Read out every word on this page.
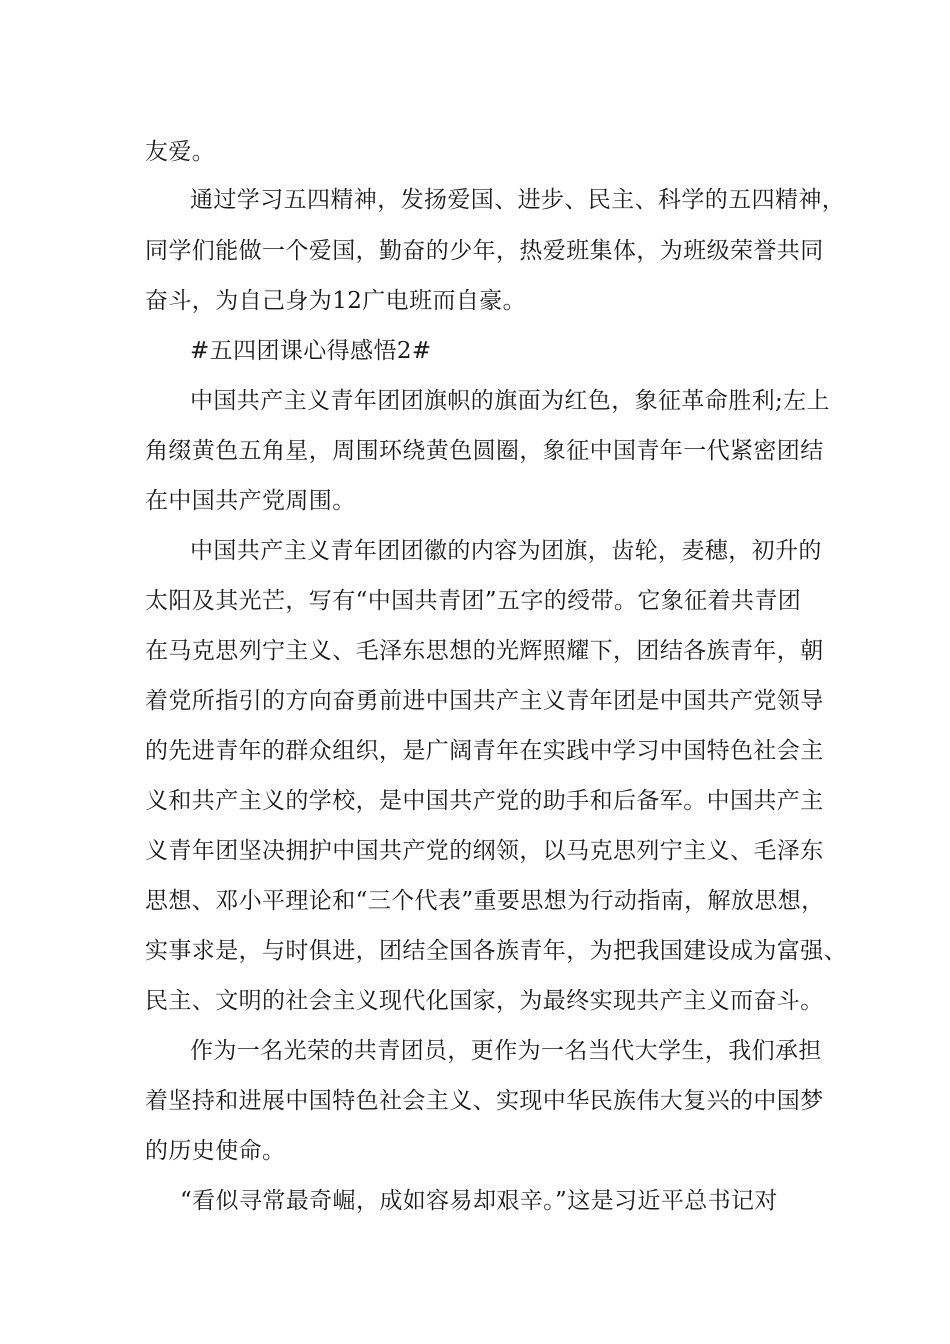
友爱。
通过学习五四精神，发扬爱国、进步、民主、科学的五四精神，
同学们能做一个爱国，勤奋的少年，热爱班集体，为班级荣誉共同
奋斗，为自己身为12广电班而自豪。
#五四团课心得感悟2#
中国共产主义青年团团旗帜的旗面为红色，象征革命胜利;左上
角缀黄色五角星，周围环绕黄色圆圈，象征中国青年一代紧密团结
在中国共产党周围。
中国共产主义青年团团徽的内容为团旗，齿轮，麦穗，初升的
太阳及其光芒，写有“中国共青团”五字的绶带。它象征着共青团
在马克思列宁主义、毛泽东思想的光辉照耀下，团结各族青年，朝
着党所指引的方向奋勇前进中国共产主义青年团是中国共产党领导
的先进青年的群众组织，是广阔青年在实践中学习中国特色社会主
义和共产主义的学校，是中国共产党的助手和后备军。中国共产主
义青年团坚决拥护中国共产党的纲领，以马克思列宁主义、毛泽东
思想、邓小平理论和“三个代表”重要思想为行动指南，解放思想，
实事求是，与时俱进，团结全国各族青年，为把我国建设成为富强、
民主、文明的社会主义现代化国家，为最终实现共产主义而奋斗。
作为一名光荣的共青团员，更作为一名当代大学生，我们承担
着坚持和进展中国特色社会主义、实现中华民族伟大复兴的中国梦
的历史使命。
“看似寻常最奇崛，成如容易却艰辛。”这是习近平总书记对
